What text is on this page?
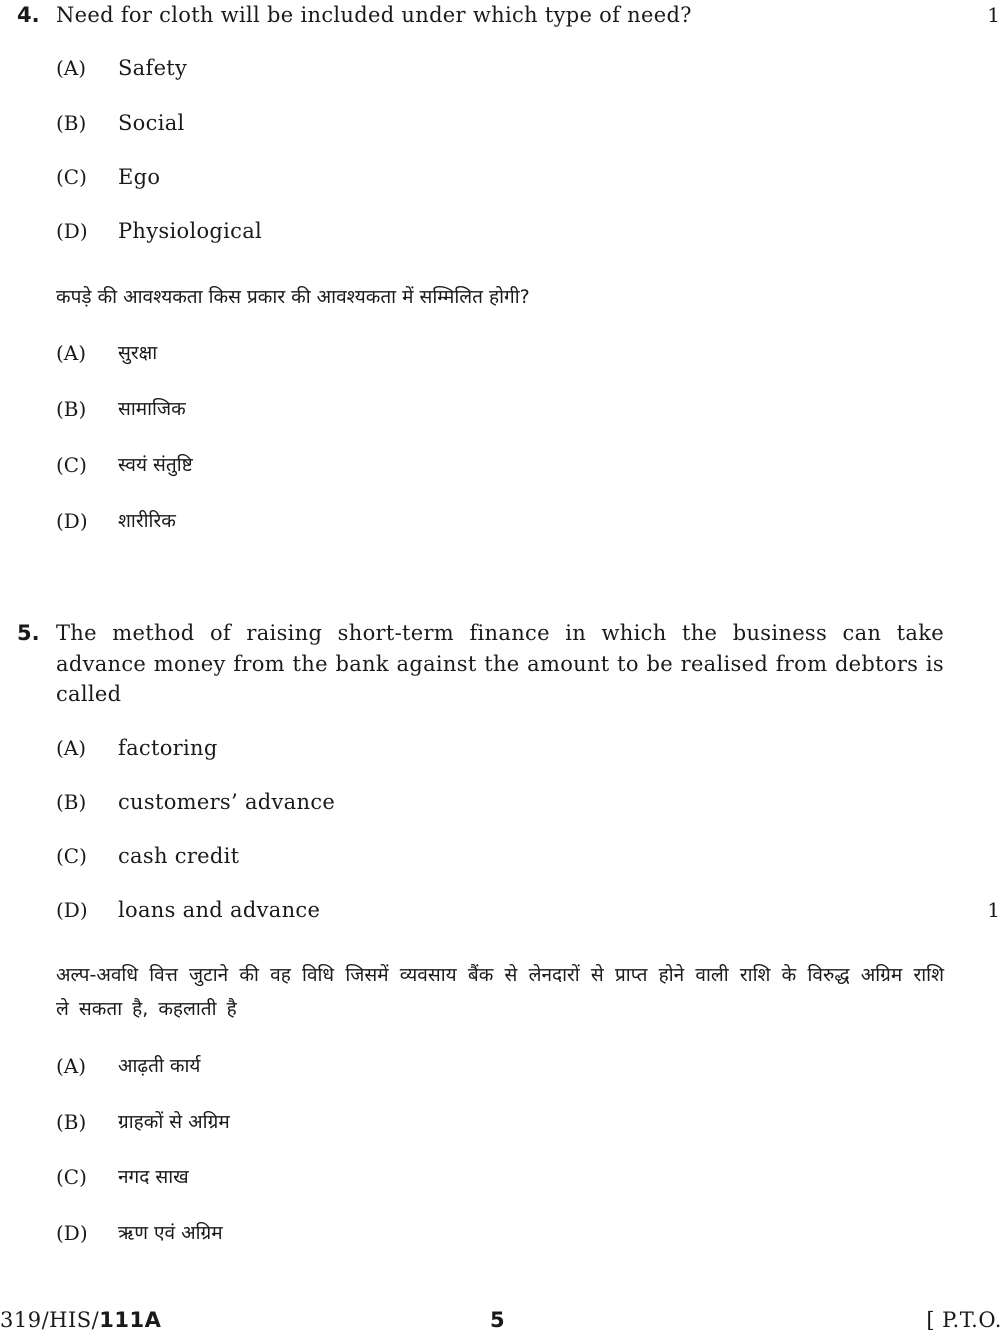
4. Need for cloth will be included under which type of need?	1
(A) Safety
(B) Social
(C) Ego
(D) Physiological
कपड़े की आवश्यकता किस प्रकार की आवश्यकता में सम्मिलित होगी?
(A) सुरक्षा
(B) सामाजिक
(C) स्वयं संतुष्टि
(D) शारीरिक
5. The method of raising short-term finance in which the business can take advance money from the bank against the amount to be realised from debtors is called
(A) factoring
(B) customers’ advance
(C) cash credit
(D) loans and advance	1
अल्प-अवधि वित्त जुटाने की वह विधि जिसमें व्यवसाय बैंक से लेनदारों से प्राप्त होने वाली राशि के विरुद्ध अग्रिम राशि ले सकता है, कहलाती है
(A) आढ़ती कार्य
(B) ग्राहकों से अग्रिम
(C) नगद साख
(D) ऋण एवं अग्रिम
319/HIS/111A	5	[ P.T.O.
